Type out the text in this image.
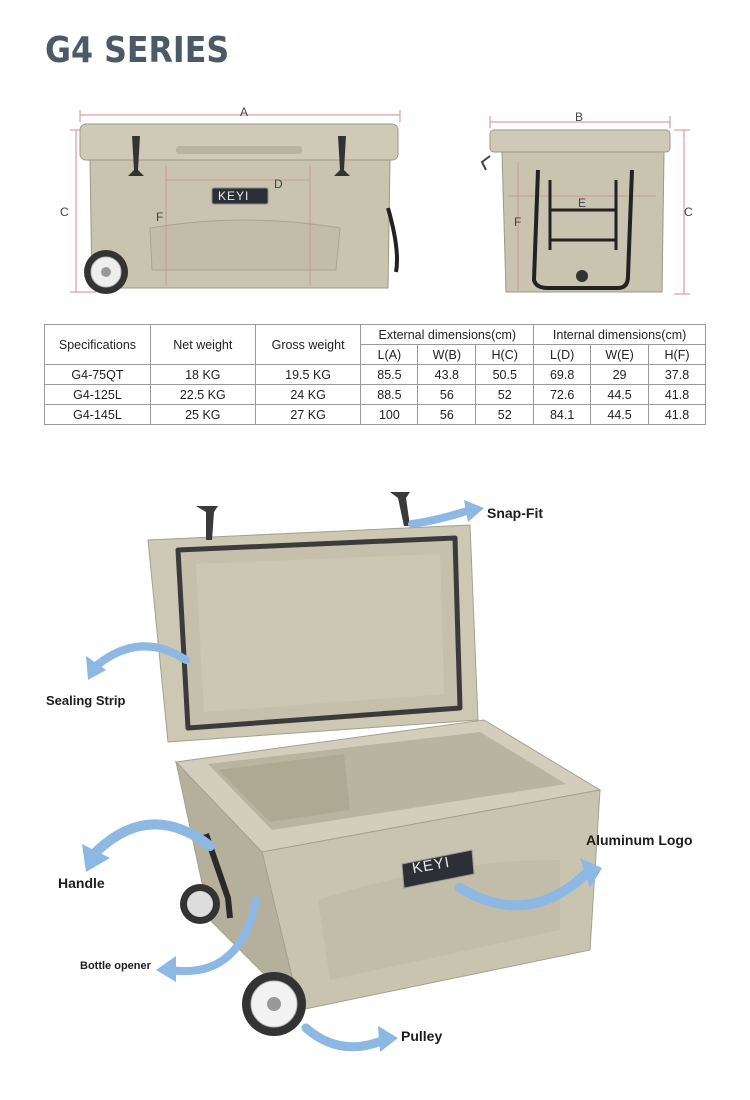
G4 SERIES
A
C
D
F
KEYI
B
C
E
F
Specifications	Net weight	Gross weight	External dimensions(cm)			Internal dimensions(cm)		
			L(A)	W(B)	H(C)	L(D)	W(E)	H(F)
G4-75QT	18 KG	19.5 KG	85.5	43.8	50.5	69.8	29	37.8
G4-125L	22.5 KG	24 KG	88.5	56	52	72.6	44.5	41.8
G4-145L	25 KG	27 KG	100	56	52	84.1	44.5	41.8
KEYI
Snap-Fit
Sealing Strip
Aluminum Logo
Handle
Bottle opener
Pulley
